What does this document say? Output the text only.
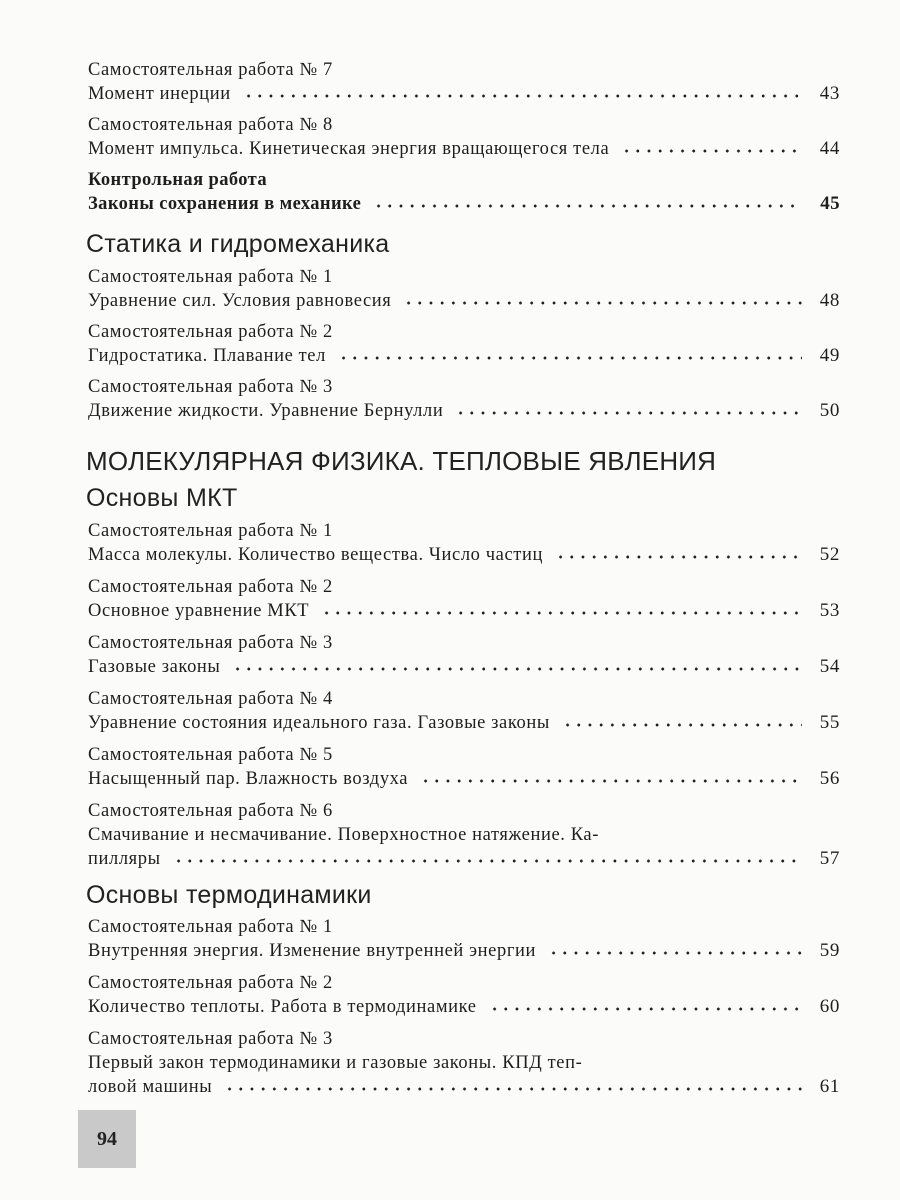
Самостоятельная работа № 7
Момент инерции	43
Самостоятельная работа № 8
Момент импульса. Кинетическая энергия вращающегося тела	44
Контрольная работа
Законы сохранения в механике	45
Статика и гидромеханика
Самостоятельная работа № 1
Уравнение сил. Условия равновесия	48
Самостоятельная работа № 2
Гидростатика. Плавание тел	49
Самостоятельная работа № 3
Движение жидкости. Уравнение Бернулли	50
МОЛЕКУЛЯРНАЯ ФИЗИКА. ТЕПЛОВЫЕ ЯВЛЕНИЯ
Основы МКТ
Самостоятельная работа № 1
Масса молекулы. Количество вещества. Число частиц	52
Самостоятельная работа № 2
Основное уравнение МКТ	53
Самостоятельная работа № 3
Газовые законы	54
Самостоятельная работа № 4
Уравнение состояния идеального газа. Газовые законы	55
Самостоятельная работа № 5
Насыщенный пар. Влажность воздуха	56
Самостоятельная работа № 6
Смачивание и несмачивание. Поверхностное натяжение. Ка-
пилляры	57
Основы термодинамики
Самостоятельная работа № 1
Внутренняя энергия. Изменение внутренней энергии	59
Самостоятельная работа № 2
Количество теплоты. Работа в термодинамике	60
Самостоятельная работа № 3
Первый закон термодинамики и газовые законы. КПД теп-
ловой машины	61
94
